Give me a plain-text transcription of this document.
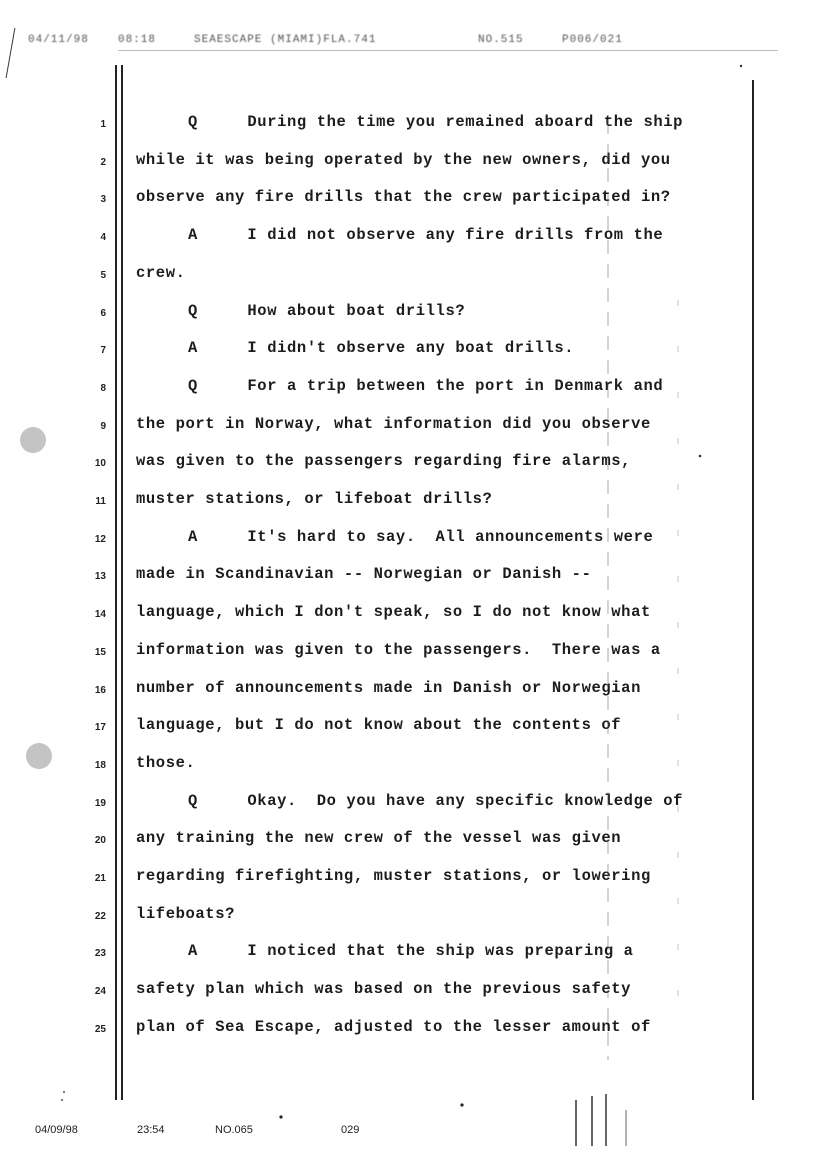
04/11/98	08:18	SEAESCAPE (MIAMI)FLA.741	NO.515	P006/021
1	Q     During the time you remained aboard the ship
2 while it was being operated by the new owners, did you
3 observe any fire drills that the crew participated in?
4	A     I did not observe any fire drills from the
5 crew.
6	Q     How about boat drills?
7	A     I didn't observe any boat drills.
8	Q     For a trip between the port in Denmark and
9 the port in Norway, what information did you observe
10 was given to the passengers regarding fire alarms,
11 muster stations, or lifeboat drills?
12	A     It's hard to say.  All announcements were
13 made in Scandinavian -- Norwegian or Danish --
14 language, which I don't speak, so I do not know what
15 information was given to the passengers.  There was a
16 number of announcements made in Danish or Norwegian
17 language, but I do not know about the contents of
18 those.
19	Q     Okay.  Do you have any specific knowledge of
20 any training the new crew of the vessel was given
21 regarding firefighting, muster stations, or lowering
22 lifeboats?
23	A     I noticed that the ship was preparing a
24 safety plan which was based on the previous safety
25 plan of Sea Escape, adjusted to the lesser amount of
04/09/98	23:54	NO.065	029
